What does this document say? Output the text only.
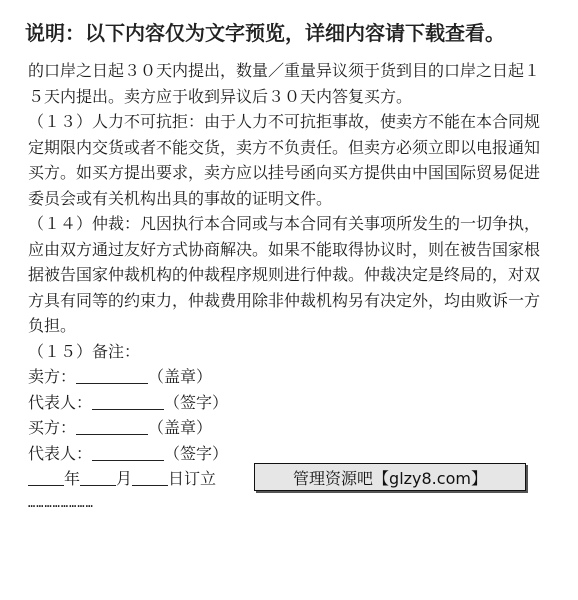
说明：以下内容仅为文字预览，详细内容请下载查看。

的口岸之日起３０天内提出，数量／重量异议须于货到目的口岸之日起１５天内提出。卖方应于收到异议后３０天内答复买方。

（１３）人力不可抗拒：由于人力不可抗拒事故，使卖方不能在本合同规定期限内交货或者不能交货，卖方不负责任。但卖方必须立即以电报通知买方。如买方提出要求，卖方应以挂号函向买方提供由中国国际贸易促进委员会或有关机构出具的事故的证明文件。

（１４）仲裁：凡因执行本合同或与本合同有关事项所发生的一切争执，应由双方通过友好方式协商解决。如果不能取得协议时，则在被告国家根据被告国家仲裁机构的仲裁程序规则进行仲裁。仲裁决定是终局的，对双方具有同等的约束力，仲裁费用除非仲裁机构另有决定外，均由败诉一方负担。

（１５）备注：

卖方：	（盖章）
代表人：	（签字）
买方：	（盖章）
代表人：	（签字）
年 月 日订立
……………………
管理资源吧【glzy8.com】
